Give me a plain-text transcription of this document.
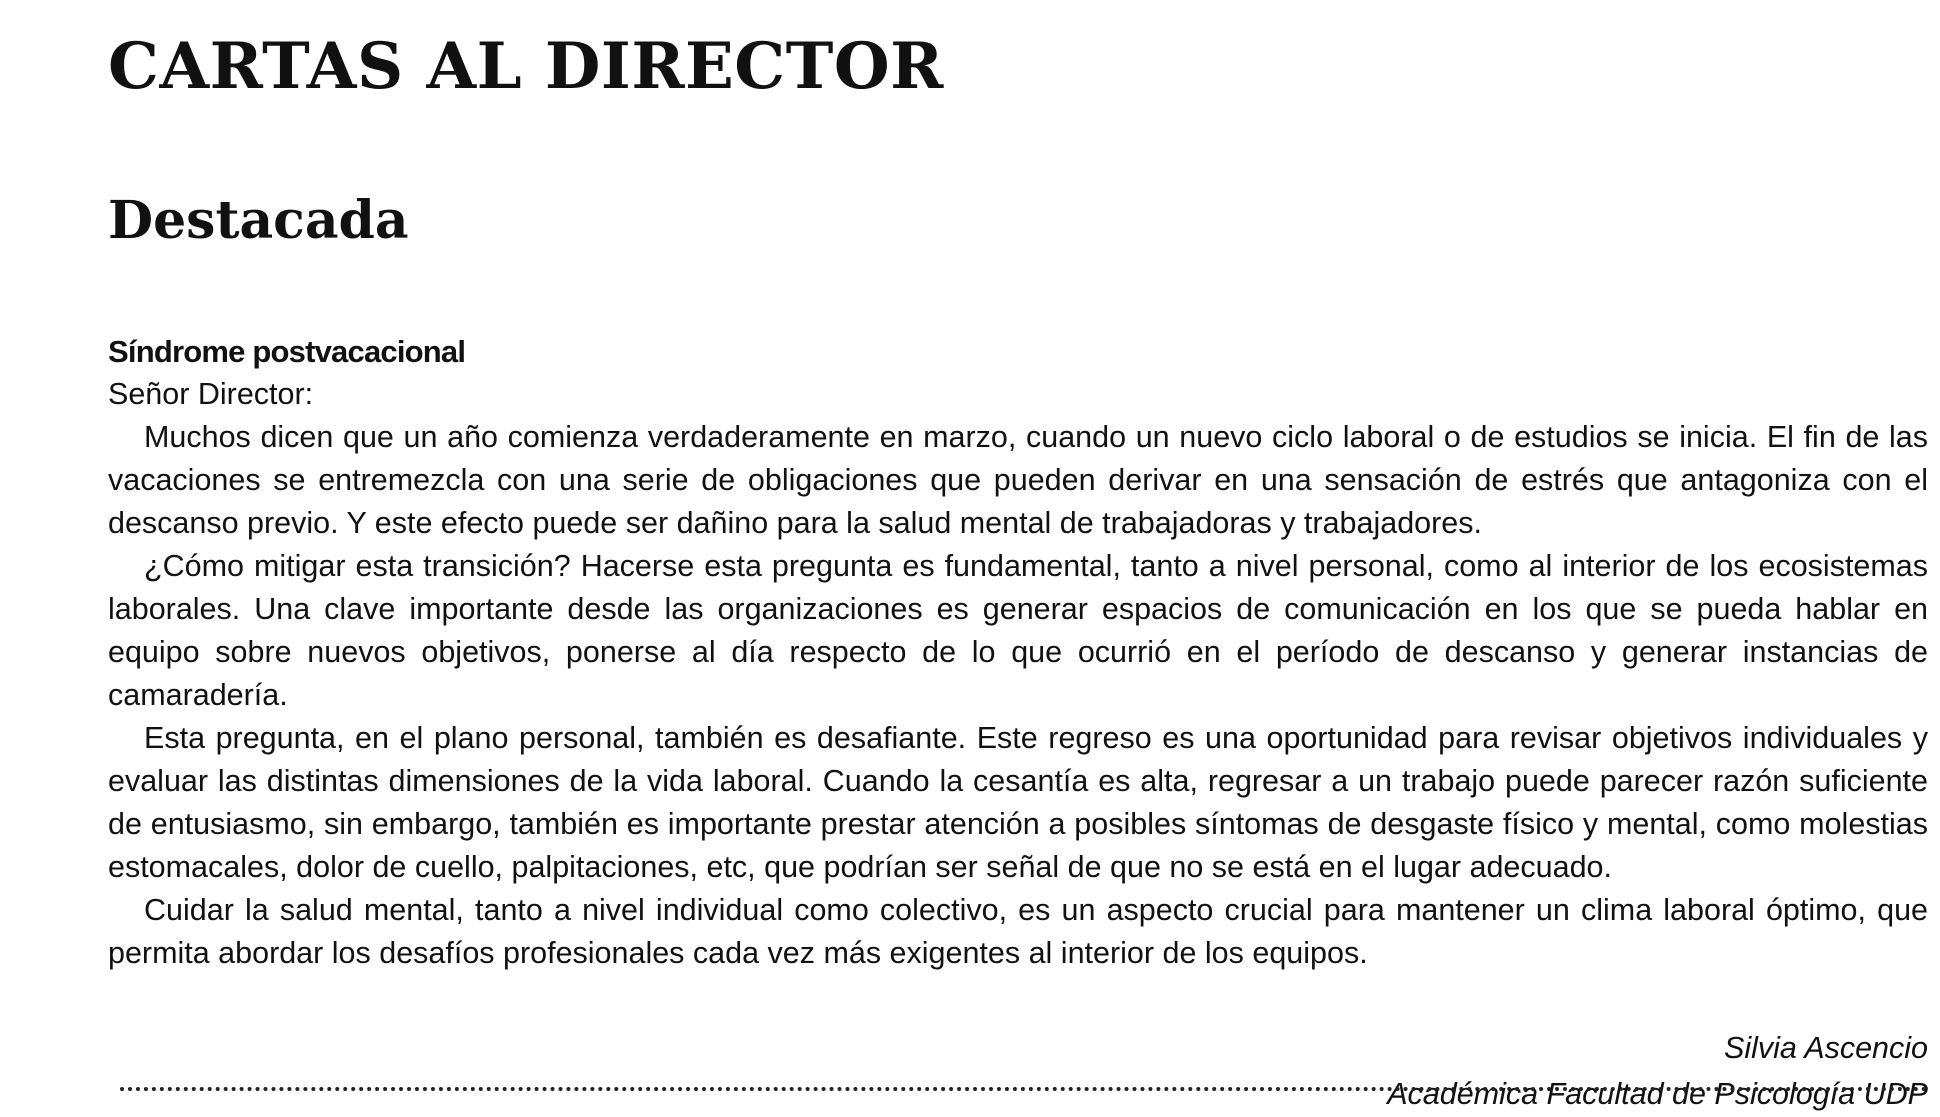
CARTAS AL DIRECTOR
Destacada

Síndrome postvacacional

Señor Director:

Muchos dicen que un año comienza verdaderamente en marzo, cuando un nuevo ciclo laboral o de estudios se inicia. El fin de las vacaciones se entremezcla con una serie de obligaciones que pueden derivar en una sensación de estrés que antagoniza con el descanso previo. Y este efecto puede ser dañino para la salud mental de trabajadoras y trabajadores.

¿Cómo mitigar esta transición? Hacerse esta pregunta es fundamental, tanto a nivel personal, como al interior de los ecosistemas laborales. Una clave importante desde las organizaciones es generar espacios de comunicación en los que se pueda hablar en equipo sobre nuevos objetivos, ponerse al día respecto de lo que ocurrió en el período de descanso y generar instancias de camaradería.

Esta pregunta, en el plano personal, también es desafiante. Este regreso es una oportunidad para revisar objetivos individuales y evaluar las distintas dimensiones de la vida laboral. Cuando la cesantía es alta, regresar a un trabajo puede parecer razón suficiente de entusiasmo, sin embargo, también es importante prestar atención a posibles síntomas de desgaste físico y mental, como molestias estomacales, dolor de cuello, palpitaciones, etc, que podrían ser señal de que no se está en el lugar adecuado.

Cuidar la salud mental, tanto a nivel individual como colectivo, es un aspecto crucial para mantener un clima laboral óptimo, que permita abordar los desafíos profesionales cada vez más exigentes al interior de los equipos.

Silvia Ascencio
Académica Facultad de Psicología UDP
